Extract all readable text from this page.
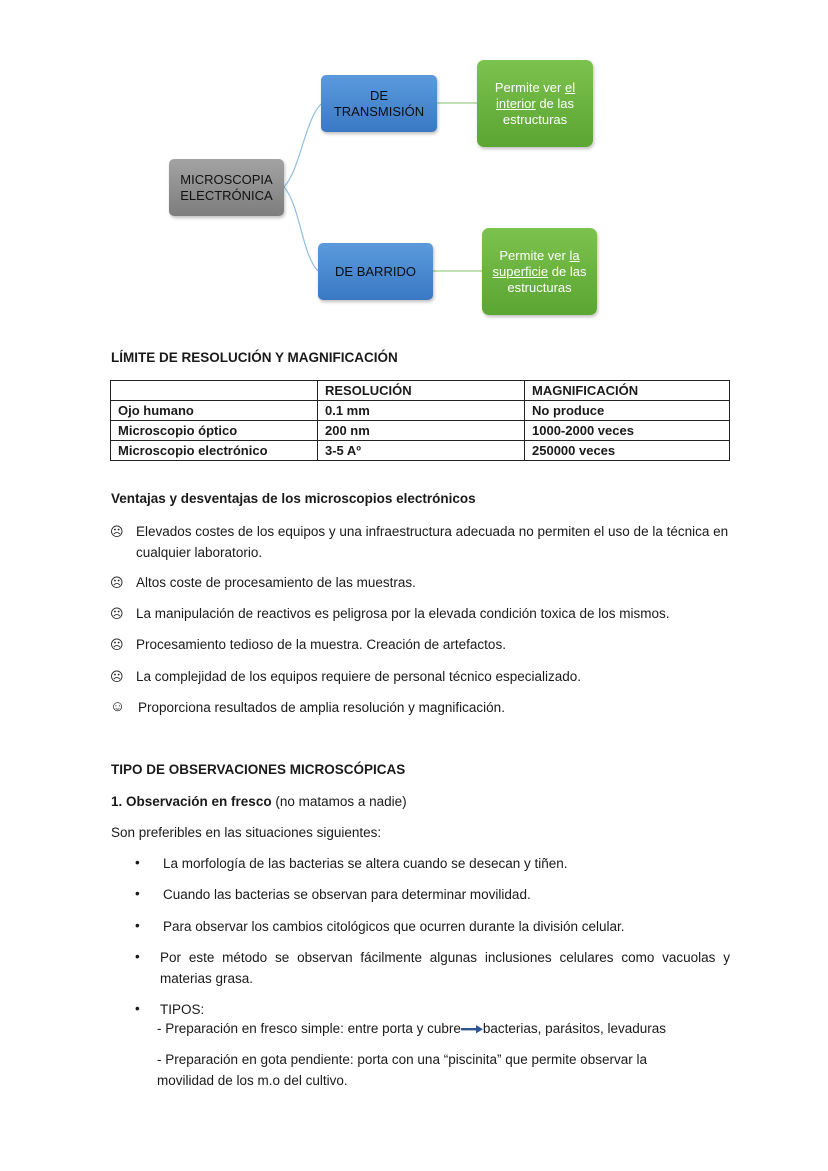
MICROSCOPIA ELECTRÓNICA
DE TRANSMISIÓN
DE BARRIDO
Permite ver el interior de las estructuras
Permite ver la superficie de las estructuras
LÍMITE DE RESOLUCIÓN Y MAGNIFICACIÓN
	RESOLUCIÓN	MAGNIFICACIÓN
Ojo humano	0.1 mm	No produce
Microscopio óptico	200 nm	1000-2000 veces
Microscopio electrónico	3-5 Aº	250000 veces
Ventajas y desventajas de los microscopios electrónicos
☹ Elevados costes de los equipos y una infraestructura adecuada no permiten el uso de la técnica en cualquier laboratorio.
☹ Altos coste de procesamiento de las muestras.
☹ La manipulación de reactivos es peligrosa por la elevada condición toxica de los mismos.
☹ Procesamiento tedioso de la muestra. Creación de artefactos.
☹ La complejidad de los equipos requiere de personal técnico especializado.
☺ Proporciona resultados de amplia resolución y magnificación.
TIPO DE OBSERVACIONES MICROSCÓPICAS
1. Observación en fresco (no matamos a nadie)
Son preferibles en las situaciones siguientes:
• La morfología de las bacterias se altera cuando se desecan y tiñen.
• Cuando las bacterias se observan para determinar movilidad.
• Para observar los cambios citológicos que ocurren durante la división celular.
• Por este método se observan fácilmente algunas inclusiones celulares como vacuolas y materias grasa.
• TIPOS:
- Preparación en fresco simple: entre porta y cubre bacterias, parásitos, levaduras
- Preparación en gota pendiente: porta con una “piscinita” que permite observar la movilidad de los m.o del cultivo.
